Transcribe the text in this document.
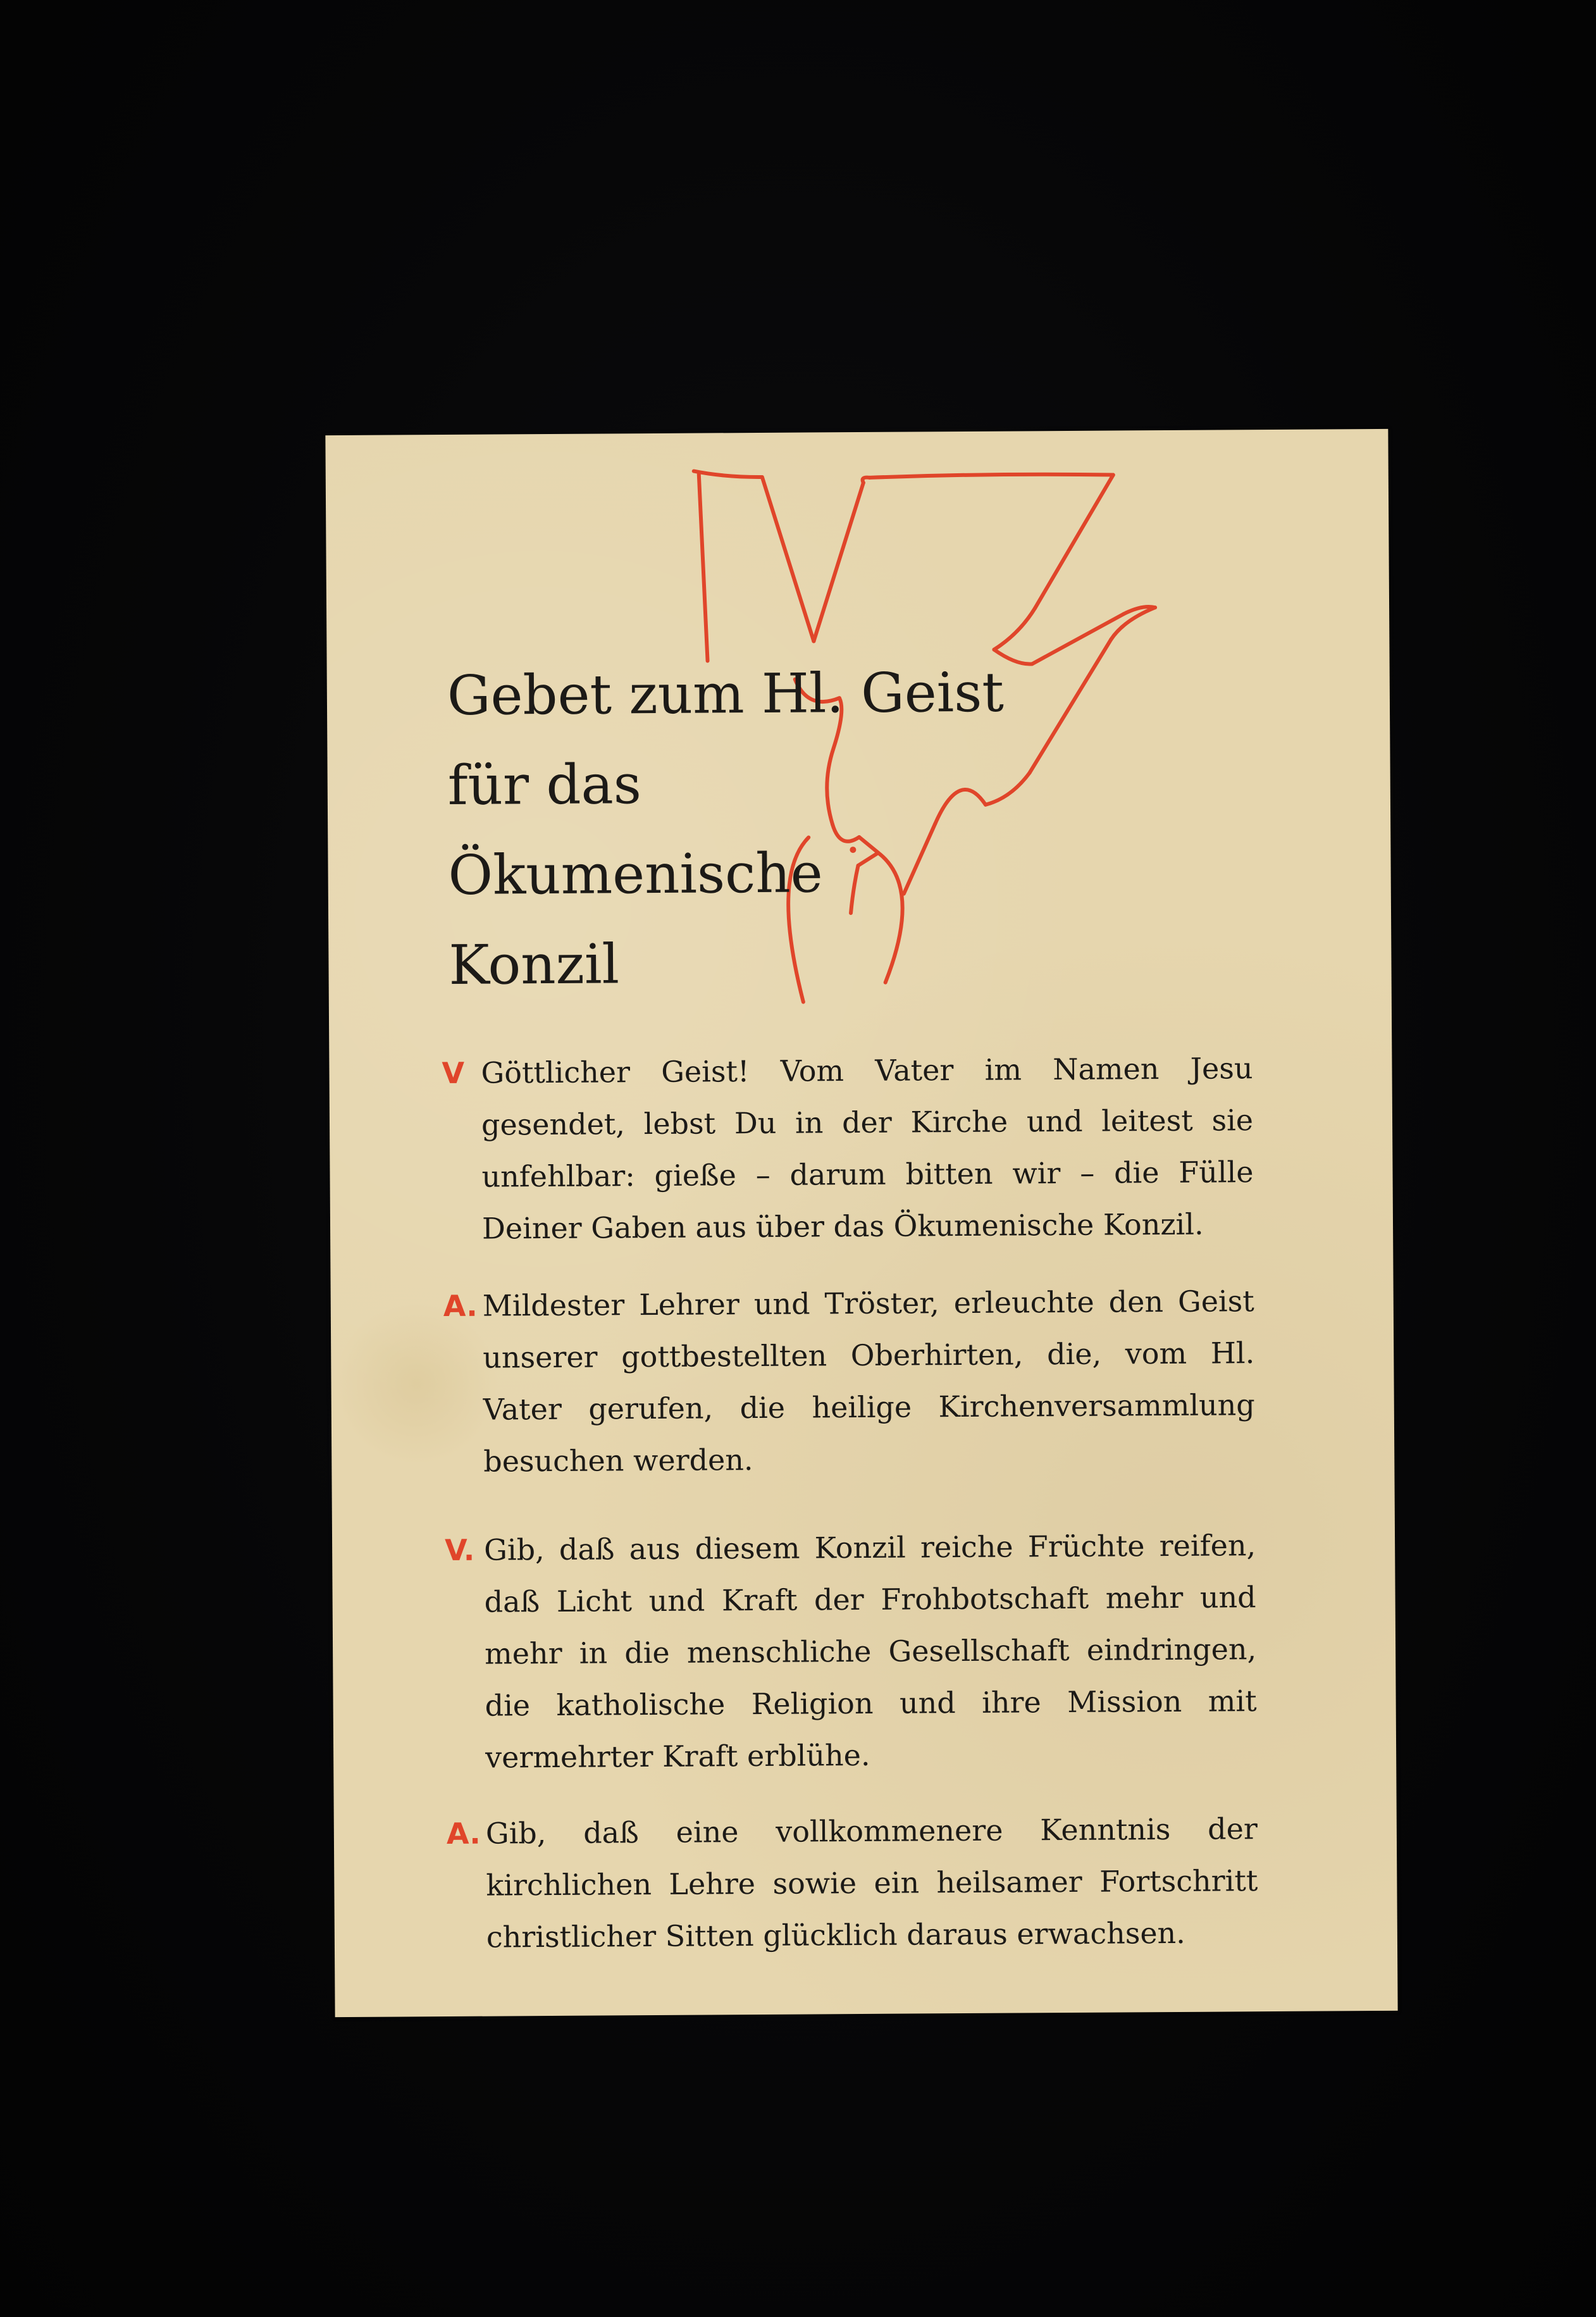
Gebet zum Hl. Geist
für das
Ökumenische
Konzil
V Göttlicher Geist! Vom Vater im Namen Jesu gesendet, lebst Du in der Kirche und leitest sie unfehlbar: gieße – darum bitten wir – die Fülle Deiner Gaben aus über das Ökumenische Konzil.
A. Mildester Lehrer und Tröster, erleuchte den Geist unserer gottbestellten Oberhirten, die, vom Hl. Vater gerufen, die heilige Kirchenversammlung besuchen werden.
V. Gib, daß aus diesem Konzil reiche Früchte reifen, daß Licht und Kraft der Frohbotschaft mehr und mehr in die menschliche Gesellschaft eindringen, die katholische Religion und ihre Mission mit vermehrter Kraft erblühe.
A. Gib, daß eine vollkommenere Kenntnis der kirchlichen Lehre sowie ein heilsamer Fortschritt christlicher Sitten glücklich daraus erwachsen.
